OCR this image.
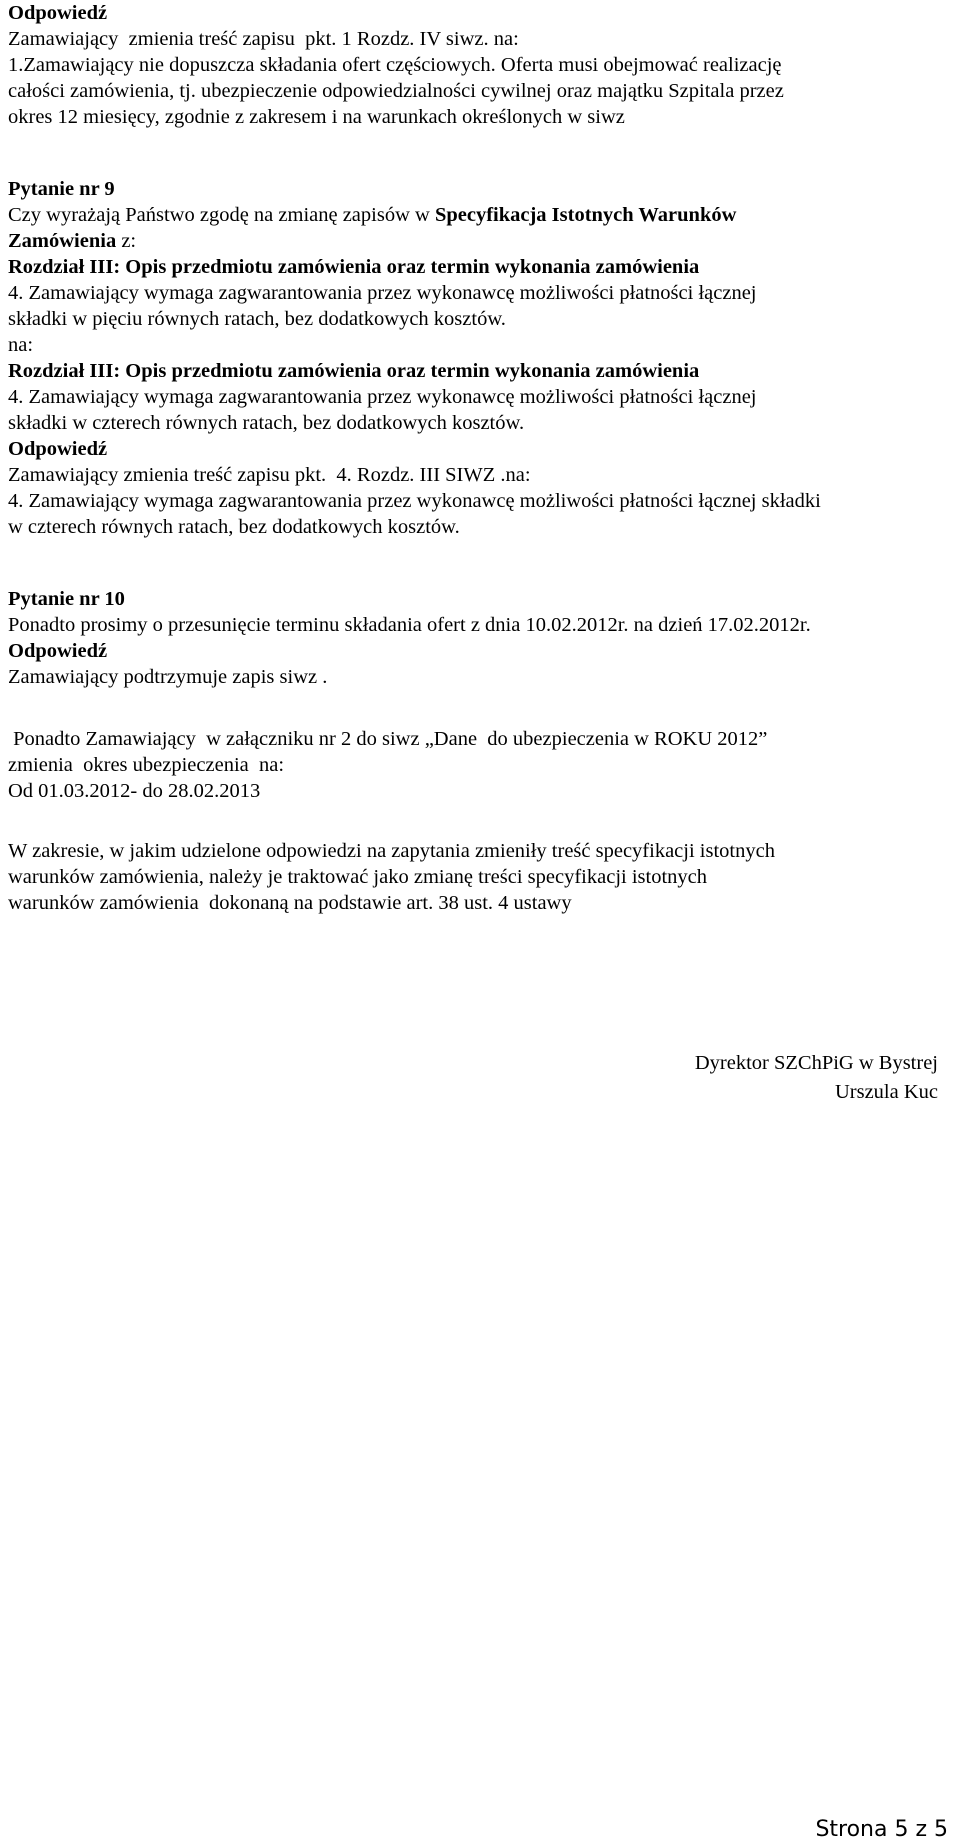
Odpowiedź
Zamawiający  zmienia treść zapisu  pkt. 1 Rozdz. IV siwz. na:
1.Zamawiający nie dopuszcza składania ofert częściowych. Oferta musi obejmować realizację
całości zamówienia, tj. ubezpieczenie odpowiedzialności cywilnej oraz majątku Szpitala przez
okres 12 miesięcy, zgodnie z zakresem i na warunkach określonych w siwz
Pytanie nr 9
Czy wyrażają Państwo zgodę na zmianę zapisów w Specyfikacja Istotnych Warunków
Zamówienia z:
Rozdział III: Opis przedmiotu zamówienia oraz termin wykonania zamówienia
4. Zamawiający wymaga zagwarantowania przez wykonawcę możliwości płatności łącznej
składki w pięciu równych ratach, bez dodatkowych kosztów.
na:
Rozdział III: Opis przedmiotu zamówienia oraz termin wykonania zamówienia
4. Zamawiający wymaga zagwarantowania przez wykonawcę możliwości płatności łącznej
składki w czterech równych ratach, bez dodatkowych kosztów.
Odpowiedź
Zamawiający zmienia treść zapisu pkt.  4. Rozdz. III SIWZ .na:
4. Zamawiający wymaga zagwarantowania przez wykonawcę możliwości płatności łącznej składki
w czterech równych ratach, bez dodatkowych kosztów.
Pytanie nr 10
Ponadto prosimy o przesunięcie terminu składania ofert z dnia 10.02.2012r. na dzień 17.02.2012r.
Odpowiedź
Zamawiający podtrzymuje zapis siwz .
Ponadto Zamawiający  w załączniku nr 2 do siwz „Dane  do ubezpieczenia w ROKU 2012”
zmienia  okres ubezpieczenia  na:
Od 01.03.2012- do 28.02.2013
W zakresie, w jakim udzielone odpowiedzi na zapytania zmieniły treść specyfikacji istotnych
warunków zamówienia, należy je traktować jako zmianę treści specyfikacji istotnych
warunków zamówienia  dokonaną na podstawie art. 38 ust. 4 ustawy
Dyrektor SZChPiG w Bystrej
Urszula Kuc
Strona 5 z 5
